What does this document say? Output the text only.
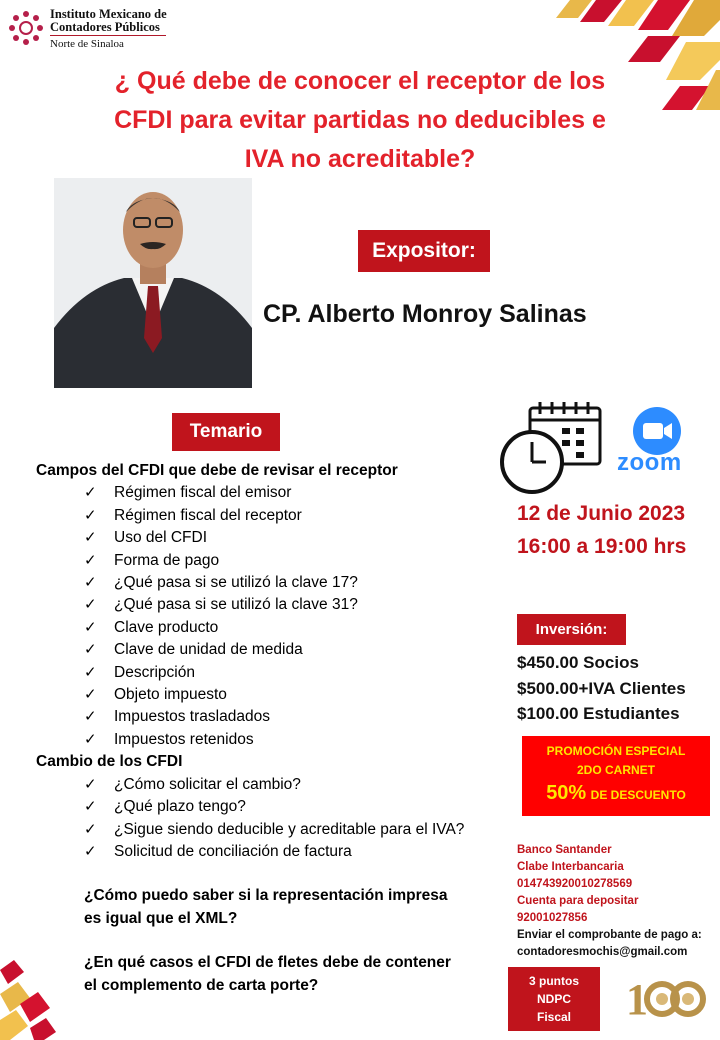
Instituto Mexicano de
Contadores Públicos
Norte de Sinaloa
¿ Qué debe de conocer el receptor de los
CFDI para evitar partidas no deducibles e
IVA no acreditable?
Expositor:
CP. Alberto Monroy Salinas
Temario
Campos del CFDI que debe de revisar el receptor
✓ Régimen fiscal del emisor
✓ Régimen fiscal del receptor
✓ Uso del CFDI
✓ Forma de pago
✓ ¿Qué pasa si se utilizó la clave 17?
✓ ¿Qué pasa si se utilizó la clave 31?
✓ Clave producto
✓ Clave de unidad de medida
✓ Descripción
✓ Objeto impuesto
✓ Impuestos trasladados
✓ Impuestos retenidos
Cambio de los CFDI
✓ ¿Cómo solicitar el cambio?
✓ ¿Qué plazo tengo?
✓ ¿Sigue siendo deducible y acreditable para el IVA?
✓ Solicitud de conciliación de factura
¿Cómo puedo saber si la representación impresa
es igual que el XML?
¿En qué casos el CFDI de fletes debe de contener
el complemento de carta porte?
zoom
12 de Junio 2023
16:00 a 19:00 hrs
Inversión:
$450.00 Socios
$500.00+IVA Clientes
$100.00 Estudiantes
PROMOCIÓN ESPECIAL
2DO CARNET
50% DE DESCUENTO
Banco Santander
Clabe Interbancaria
014743920010278569
Cuenta para depositar
92001027856
Enviar el comprobante de pago a:
contadoresmochis@gmail.com
3 puntos
NDPC
Fiscal 1
